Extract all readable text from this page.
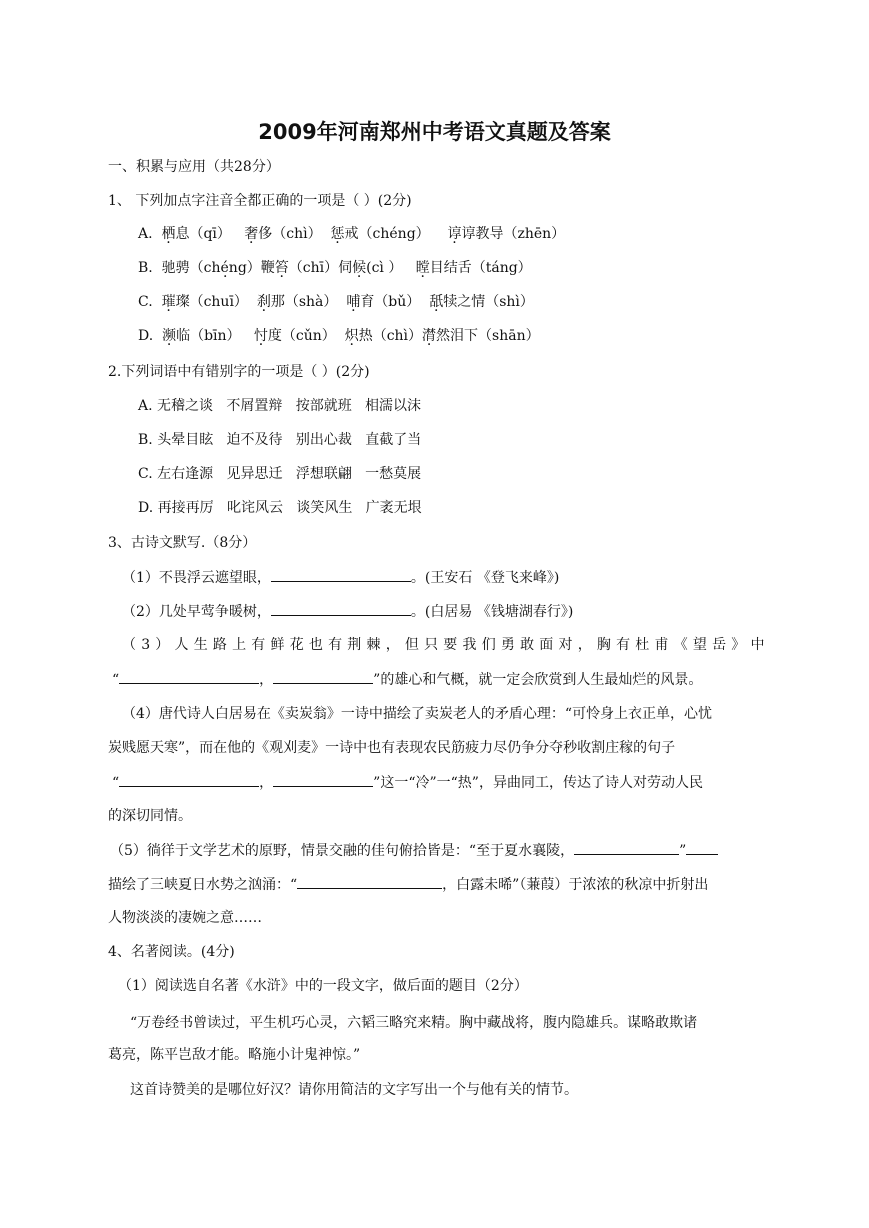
2009年河南郑州中考语文真题及答案
一、积累与应用（共28分）
1、 下列加点字注音全都正确的一项是（ ）(2分)
A. 栖息（qī） 奢侈（chì） 惩戒（chéng） 谆谆教导（zhēn）
B. 驰骋（chéng）鞭 ·笞（chī）伺候(cì ） 瞠目结舌（táng）
C. 璀璨（chuī） 刹那（shà） 哺育（bǔ） 舐犊之情（shì）
D. 濒临（bīn） 忖度（cǔn） 炽热（chì）潸然泪下（shān）
2.下列词语中有错别字的一项是（ ）(2分)
A. 无稽之谈   不屑置辩   按部就班   相濡以沫
B. 头晕目眩   迫不及待   别出心裁   直截了当
C. 左右逢源   见异思迁   浮想联翩   一愁莫展
D. 再接再厉   叱诧风云   谈笑风生   广袤无垠
3、古诗文默写.（8分）
（1）不畏浮云遮望眼，	。(王安石 《登飞来峰》)
（2）几处早莺争暖树，	。(白居易 《钱塘湖春行》)
（3）人生路上有鲜花也有荆棘，但只要我们勇敢面对，胸有杜甫《望岳》中
“	，	”的雄心和气概，就一定会欣赏到人生最灿烂的风景。
（4）唐代诗人白居易在《卖炭翁》一诗中描绘了卖炭老人的矛盾心理：“可怜身上衣正单，心忧
炭贱愿天寒”，而在他的《观刈麦》一诗中也有表现农民筋疲力尽仍争分夺秒收割庄稼的句子
“	，	”这一“冷”一“热”，异曲同工，传达了诗人对劳动人民
的深切同情。
（5）徜徉于文学艺术的原野，情景交融的佳句俯拾皆是：“至于夏水襄陵，	”
描绘了三峡夏日水势之汹涌：“	，白露未晞”（蒹葭）于浓浓的秋凉中折射出
人物淡淡的凄婉之意……
4、名著阅读。(4分)
（1）阅读选自名著《水浒》中的一段文字，做后面的题目（2分）
“万卷经书曾读过，平生机巧心灵，六韬三略究来精。胸中藏战将，腹内隐雄兵。谋略敢欺诸
葛亮，陈平岂敌才能。略施小计鬼神惊。”
这首诗赞美的是哪位好汉？请你用简洁的文字写出一个与他有关的情节。
